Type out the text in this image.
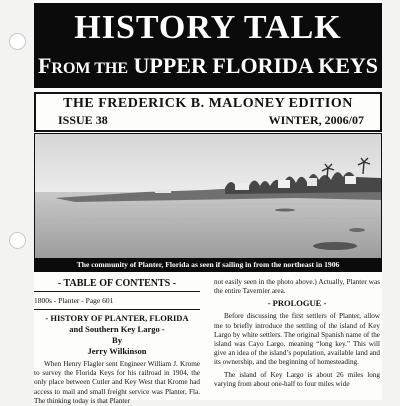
HISTORY TALK
FROM THE UPPER FLORIDA KEYS
THE FREDERICK B. MALONEY EDITION
ISSUE 38	WINTER, 2006/07
The community of Planter, Florida as seen if sailing in from the northeast in 1906
- TABLE OF CONTENTS -
1800s - Planter - Page 601
- HISTORY OF PLANTER, FLORIDA
and Southern Key Largo -
By
Jerry Wilkinson

When Henry Flagler sent Engineer William J. Krome to survey the Florida Keys for his railroad in 1904, the only place between Cutler and Key West that Krome had access to mail and small freight service was Planter, Fla. The thinking today is that Planter

not easily seen in the photo above.) Actually, Planter was the entire Tavernier area.

- PROLOGUE -

Before discussing the first settlers of Planter, allow me to briefly introduce the settling of the island of Key Largo by white settlers. The original Spanish name of the island was Cayo Largo, meaning “long key.” This will give an idea of the island’s population, available land and its ownership, and the beginning of homesteading.

The island of Key Largo is about 26 miles long varying from about one-half to four miles wide
